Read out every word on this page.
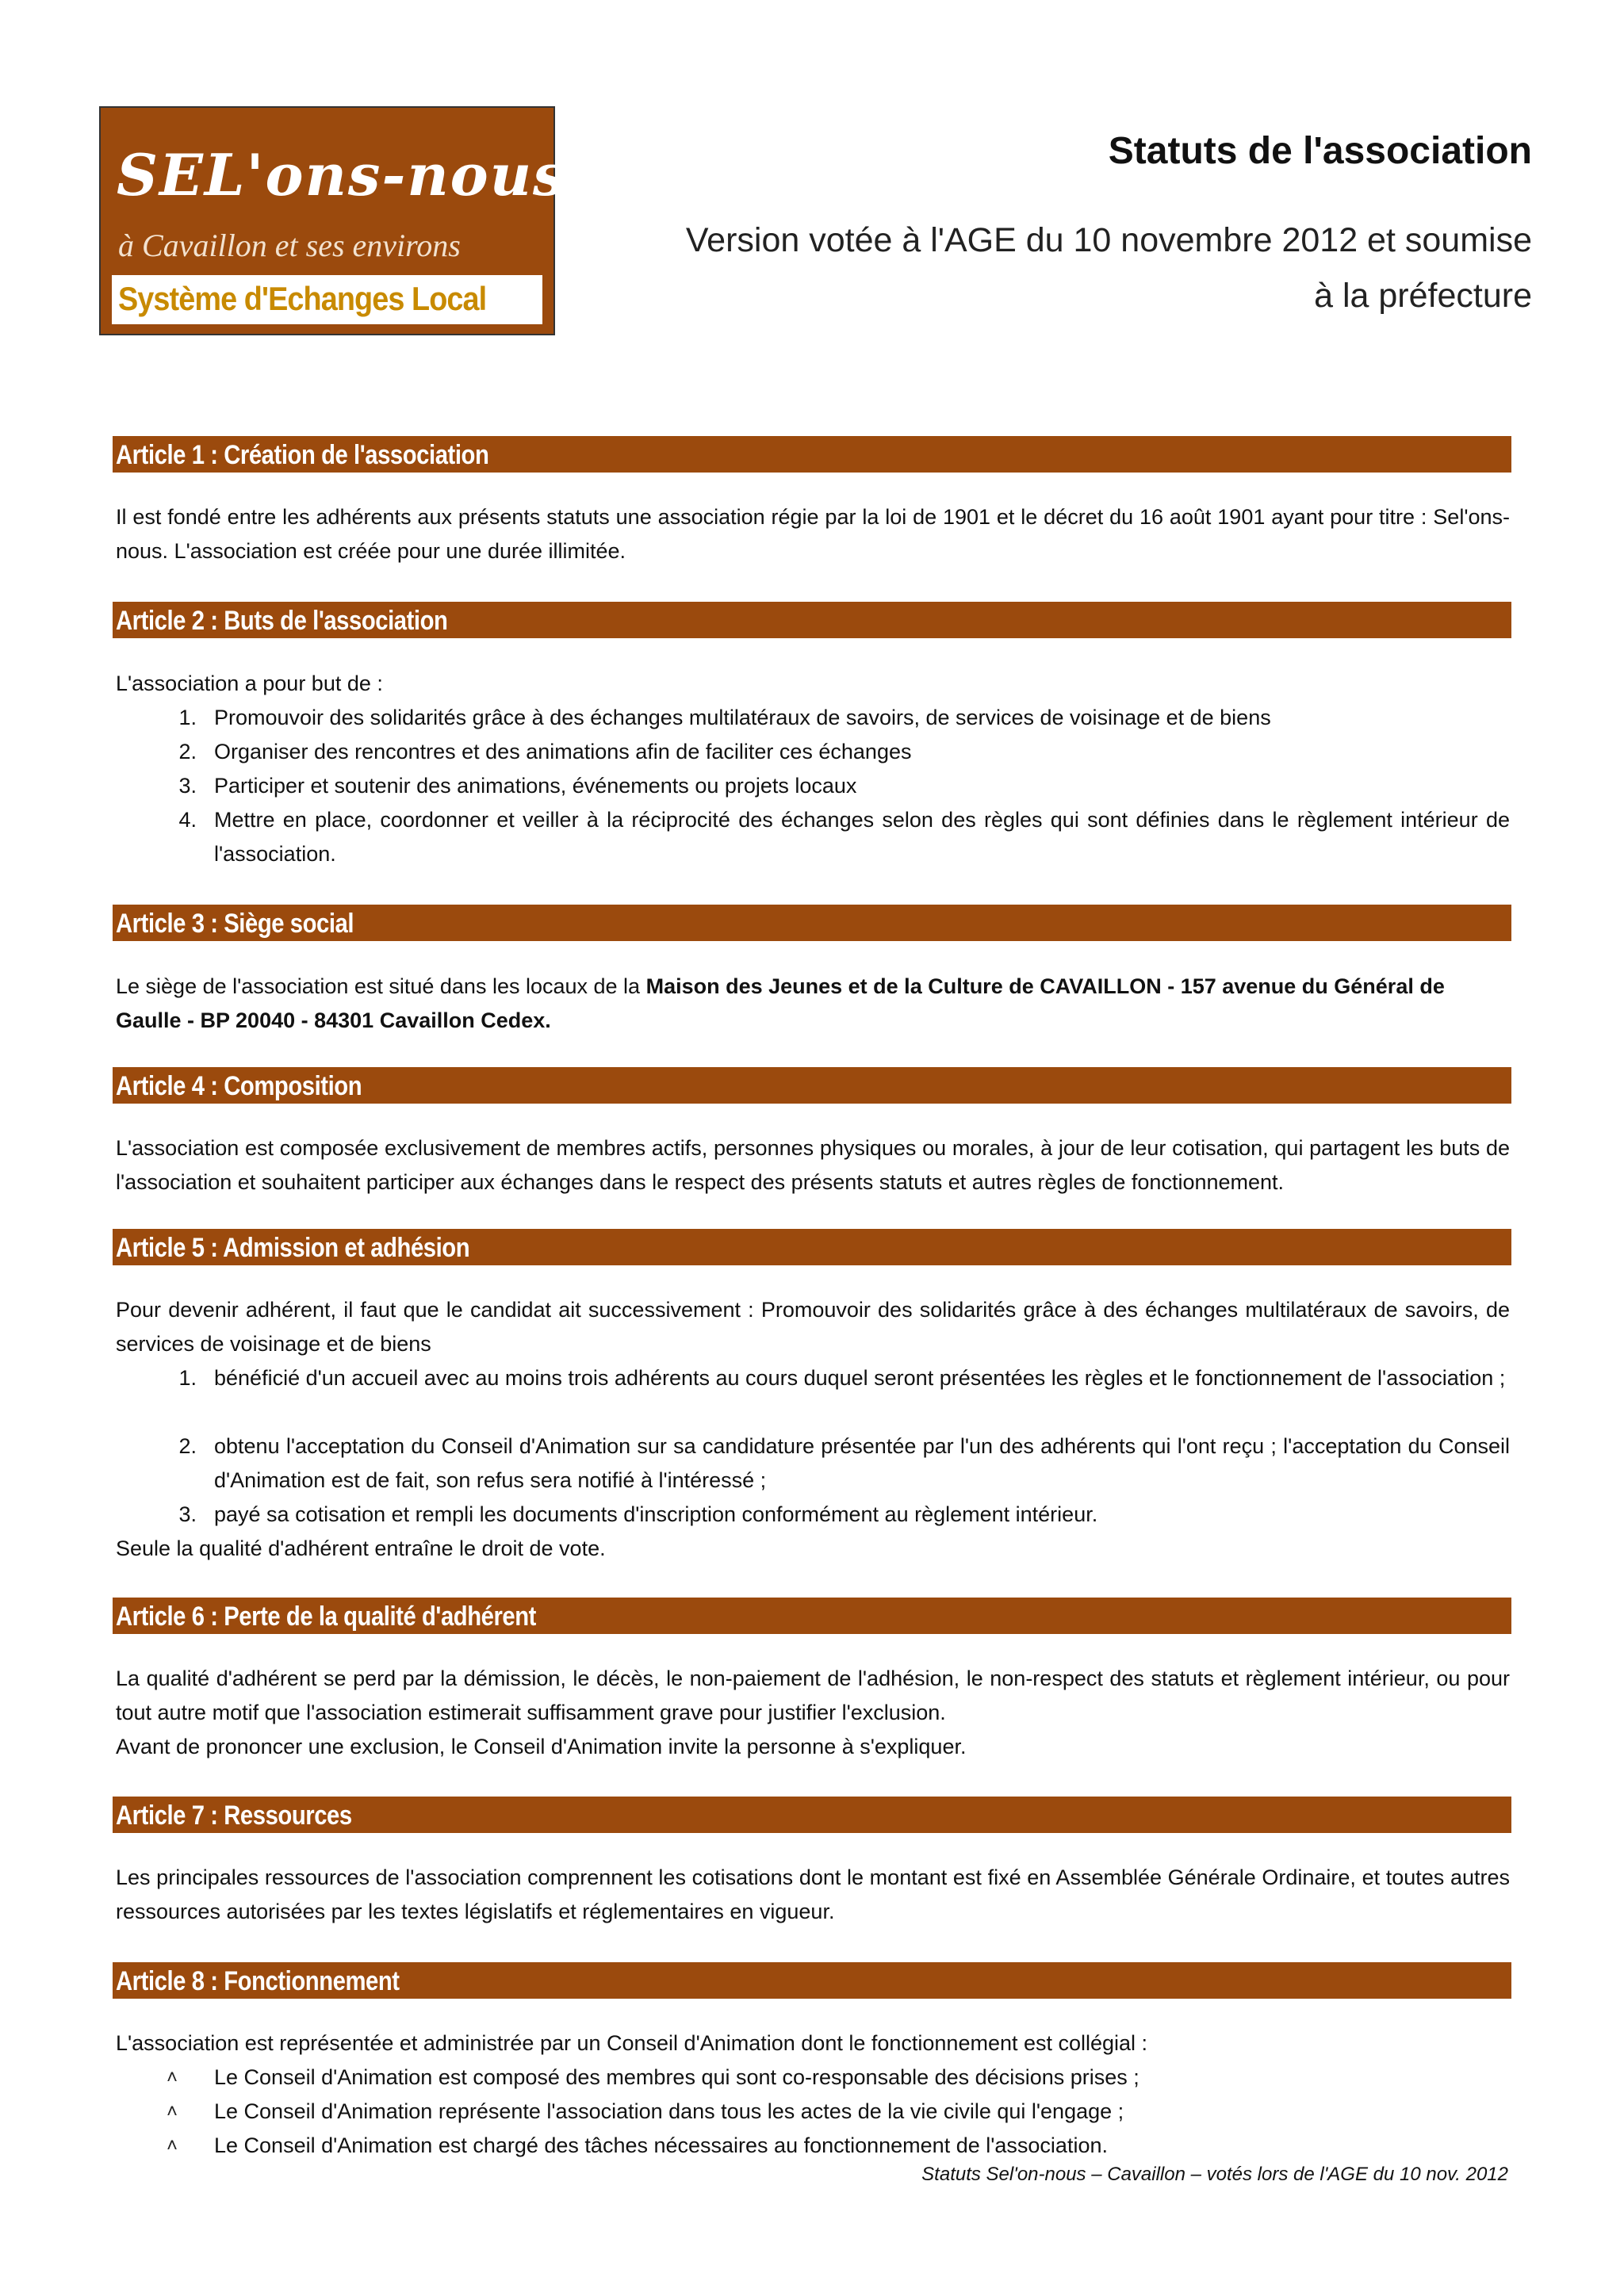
SEL'ons-nous
à Cavaillon et ses environs
Système d'Echanges Local
Statuts de l'association
Version votée à l'AGE du 10 novembre 2012 et soumise à la préfecture
Article 1 : Création de l'association
Il est fondé entre les adhérents aux présents statuts une association régie par la loi de 1901 et le décret du 16 août 1901 ayant pour titre : Sel'ons-nous. L'association est créée pour une durée illimitée.
Article 2 : Buts de l'association
L'association a pour but de :
1. Promouvoir des solidarités grâce à des échanges multilatéraux de savoirs, de services de voisinage et de biens
2. Organiser des rencontres et des animations afin de faciliter ces échanges
3. Participer et soutenir des animations, événements ou projets locaux
4. Mettre en place, coordonner et veiller à la réciprocité des échanges selon des règles qui sont définies dans le règlement intérieur de l'association.
Article 3 : Siège social
Le siège de l'association est situé dans les locaux de la Maison des Jeunes et de la Culture de CAVAILLON - 157 avenue du Général de Gaulle - BP 20040 - 84301 Cavaillon Cedex.
Article 4 : Composition
L'association est composée exclusivement de membres actifs, personnes physiques ou morales, à jour de leur cotisation, qui partagent les buts de l'association et souhaitent participer aux échanges dans le respect des présents statuts et autres règles de fonctionnement.
Article 5 : Admission et adhésion
Pour devenir adhérent, il faut que le candidat ait successivement : Promouvoir des solidarités grâce à des échanges multilatéraux de savoirs, de services de voisinage et de biens
1. bénéficié d'un accueil avec au moins trois adhérents au cours duquel seront présentées les règles et le fonctionnement de l'association ;
2. obtenu l'acceptation du Conseil d'Animation sur sa candidature présentée par l'un des adhérents qui l'ont reçu ; l'acceptation du Conseil d'Animation est de fait, son refus sera notifié à l'intéressé ;
3. payé sa cotisation et rempli les documents d'inscription conformément au règlement intérieur.
Seule la qualité d'adhérent entraîne le droit de vote.
Article 6 : Perte de la qualité d'adhérent
La qualité d'adhérent se perd par la démission, le décès, le non-paiement de l'adhésion, le non-respect des statuts et règlement intérieur, ou pour tout autre motif que l'association estimerait suffisamment grave pour justifier l'exclusion.
Avant de prononcer une exclusion, le Conseil d'Animation invite la personne à s'expliquer.
Article 7 : Ressources
Les principales ressources de l'association comprennent les cotisations dont le montant est fixé en Assemblée Générale Ordinaire, et toutes autres ressources autorisées par les textes législatifs et réglementaires en vigueur.
Article 8 : Fonctionnement
L'association est représentée et administrée par un Conseil d'Animation dont le fonctionnement est collégial :
˄ Le Conseil d'Animation est composé des membres qui sont co-responsable des décisions prises ;
˄ Le Conseil d'Animation représente l'association dans tous les actes de la vie civile qui l'engage ;
˄ Le Conseil d'Animation est chargé des tâches nécessaires au fonctionnement de l'association.
Statuts Sel'on-nous – Cavaillon – votés lors de l'AGE du 10 nov. 2012
